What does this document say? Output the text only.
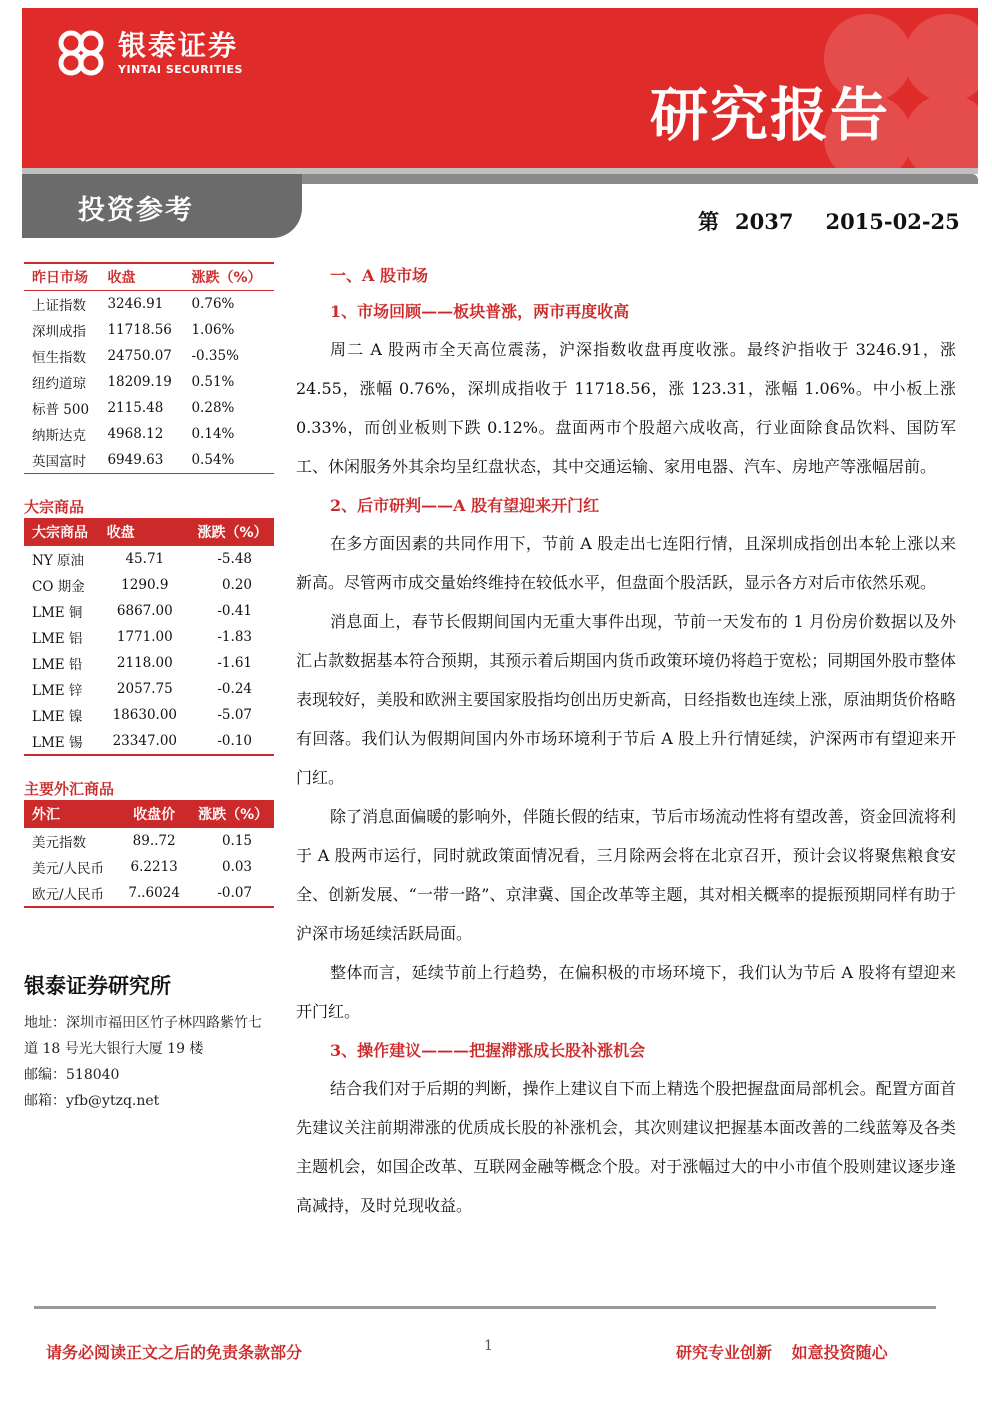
银泰证券
YINTAI SECURITIES
研究报告
投资参考	第 2037 2015-02-25
昨日市场	收盘	涨跌（%）
上证指数	3246.91	0.76%
深圳成指	11718.56	1.06%
恒生指数	24750.07	-0.35%
纽约道琼	18209.19	0.51%
标普 500	2115.48	0.28%
纳斯达克	4968.12	0.14%
英国富时	6949.63	0.54%
大宗商品
大宗商品	收盘	涨跌（%）
NY 原油	45.71	-5.48
CO 期金	1290.9	0.20
LME 铜	6867.00	-0.41
LME 铝	1771.00	-1.83
LME 铅	2118.00	-1.61
LME 锌	2057.75	-0.24
LME 镍	18630.00	-5.07
LME 锡	23347.00	-0.10
主要外汇商品
外汇	收盘价	涨跌（%）
美元指数	89..72	0.15
美元/人民币	6.2213	0.03
欧元/人民币	7..6024	-0.07
银泰证券研究所
地址：深圳市福田区竹子林四路紫竹七道 18 号光大银行大厦 19 楼
邮编：518040
邮箱：yfb@ytzq.net
一、A 股市场
1、市场回顾——板块普涨，两市再度收高

周二 A 股两市全天高位震荡，沪深指数收盘再度收涨。最终沪指收于 3246.91，涨 24.55，涨幅 0.76%，深圳成指收于 11718.56，涨 123.31，涨幅 1.06%。中小板上涨 0.33%，而创业板则下跌 0.12%。盘面两市个股超六成收高，行业面除食品饮料、国防军工、休闲服务外其余均呈红盘状态，其中交通运输、家用电器、汽车、房地产等涨幅居前。

2、后市研判——A 股有望迎来开门红

在多方面因素的共同作用下，节前 A 股走出七连阳行情，且深圳成指创出本轮上涨以来新高。尽管两市成交量始终维持在较低水平，但盘面个股活跃，显示各方对后市依然乐观。

消息面上，春节长假期间国内无重大事件出现，节前一天发布的 1 月份房价数据以及外汇占款数据基本符合预期，其预示着后期国内货币政策环境仍将趋于宽松；同期国外股市整体表现较好，美股和欧洲主要国家股指均创出历史新高，日经指数也连续上涨，原油期货价格略有回落。我们认为假期间国内外市场环境利于节后 A 股上升行情延续，沪深两市有望迎来开门红。

除了消息面偏暖的影响外，伴随长假的结束，节后市场流动性将有望改善，资金回流将利于 A 股两市运行，同时就政策面情况看，三月除两会将在北京召开，预计会议将聚焦粮食安全、创新发展、“一带一路”、京津冀、国企改革等主题，其对相关概率的提振预期同样有助于沪深市场延续活跃局面。

整体而言，延续节前上行趋势，在偏积极的市场环境下，我们认为节后 A 股将有望迎来开门红。

3、操作建议———把握滞涨成长股补涨机会

结合我们对于后期的判断，操作上建议自下而上精选个股把握盘面局部机会。配置方面首先建议关注前期滞涨的优质成长股的补涨机会，其次则建议把握基本面改善的二线蓝筹及各类主题机会，如国企改革、互联网金融等概念个股。对于涨幅过大的中小市值个股则建议逐步逢高减持，及时兑现收益。

请务必阅读正文之后的免责条款部分	1	研究专业创新 如意投资随心
